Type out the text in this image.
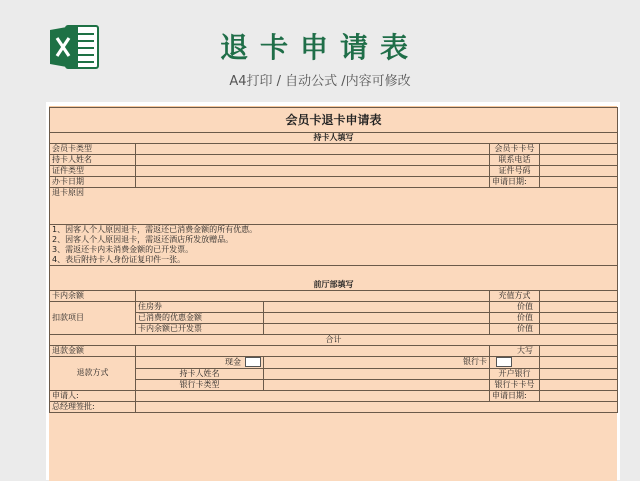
退卡申请表
A4打印 / 自动公式 /内容可修改
会员卡退卡申请表				
持卡人填写				
会员卡类型			会员卡卡号	
持卡人姓名			联系电话	
证件类型			证件号码	
办卡日期			申请日期:	
退卡原因				
1、因客人个人原因退卡，需返还已消费金额的所有优惠。				
2、因客人个人原因退卡，需返还酒店所发放赠品。				
3、需返还卡内未消费金额的已开发票。				
4、表后附持卡人身份证复印件一张。				
前厅部填写				
卡内余额			充值方式	
扣款项目	住房券		价值	
	已消费的优惠金额		价值	
	卡内余额已开发票		价值	
合计				
退款金额			大写	
退款方式	现金	银行卡		
	持卡人姓名		开户银行	
	银行卡类型		银行卡卡号	
申请人:			申请日期:	
总经理签批:				
